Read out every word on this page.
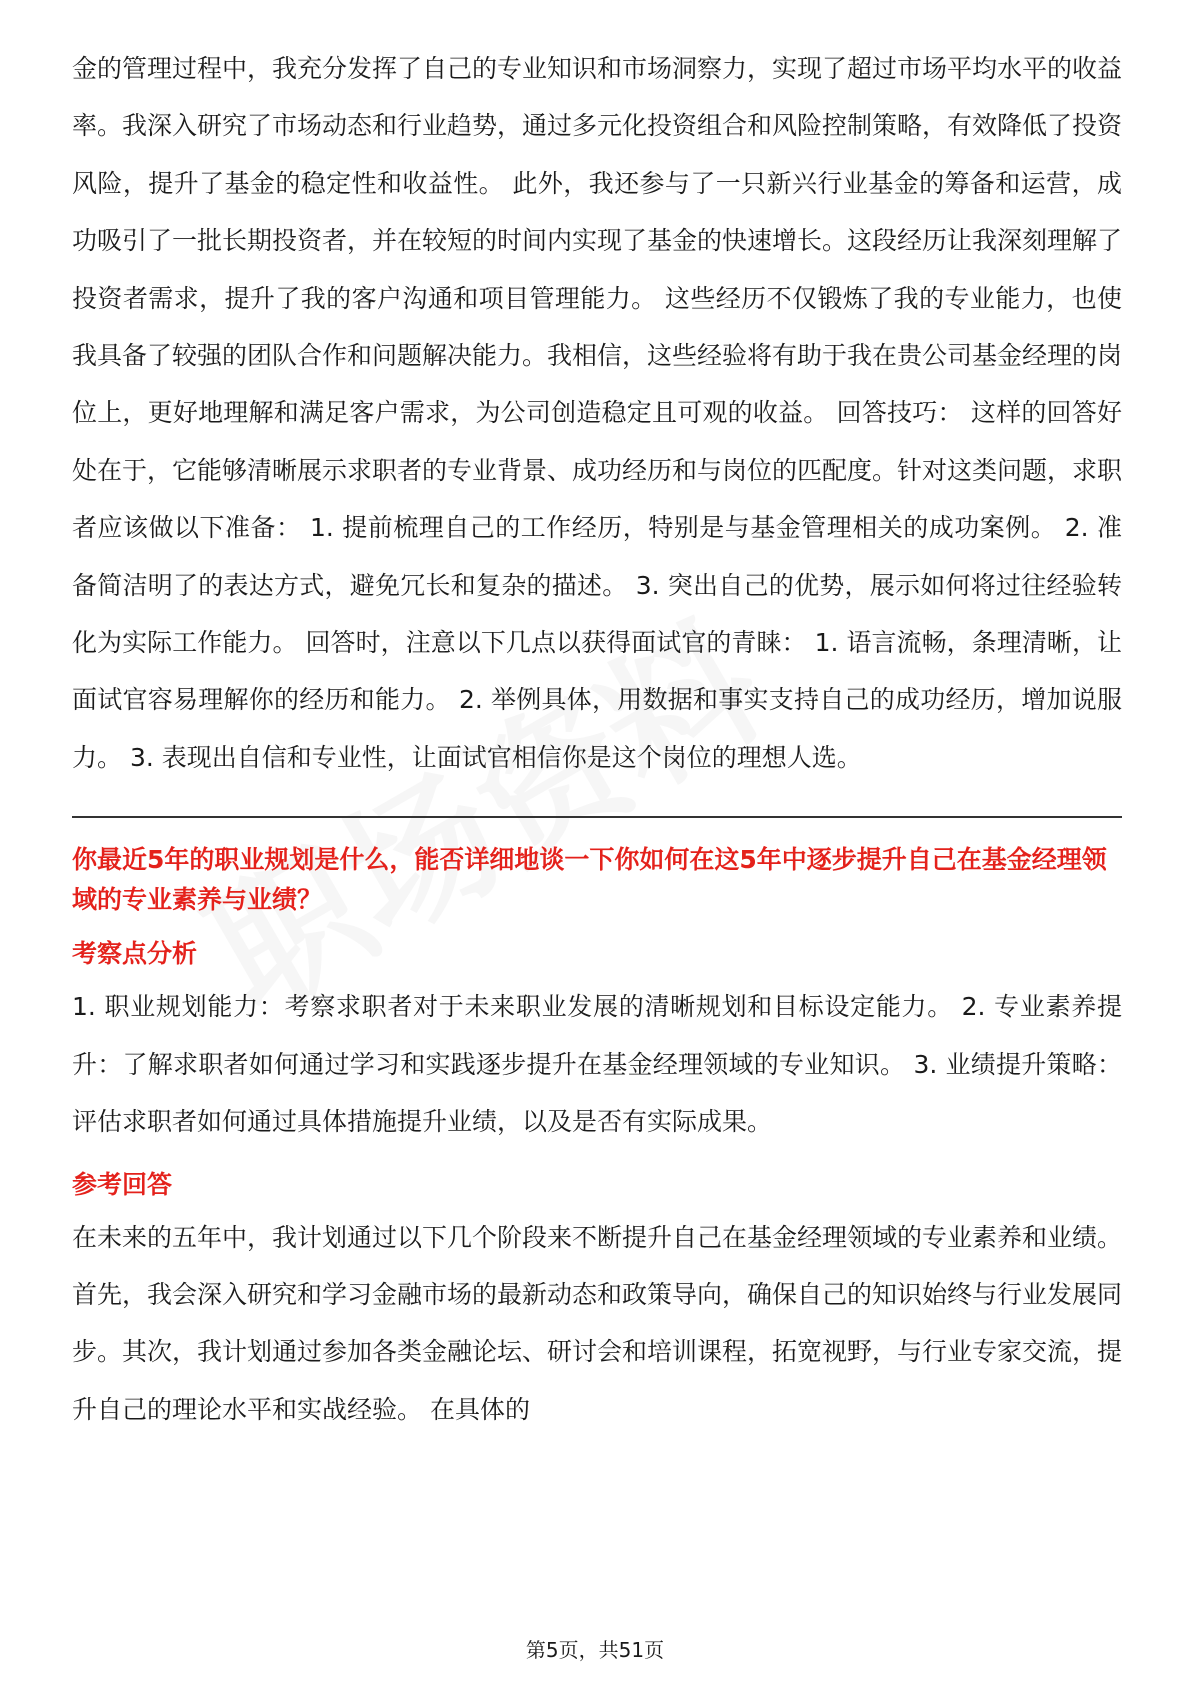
金的管理过程中，我充分发挥了自己的专业知识和市场洞察力，实现了超过市场平均水平的收益率。我深入研究了市场动态和行业趋势，通过多元化投资组合和风险控制策略，有效降低了投资风险，提升了基金的稳定性和收益性。 此外，我还参与了一只新兴行业基金的筹备和运营，成功吸引了一批长期投资者，并在较短的时间内实现了基金的快速增长。这段经历让我深刻理解了投资者需求，提升了我的客户沟通和项目管理能力。 这些经历不仅锻炼了我的专业能力，也使我具备了较强的团队合作和问题解决能力。我相信，这些经验将有助于我在贵公司基金经理的岗位上，更好地理解和满足客户需求，为公司创造稳定且可观的收益。 回答技巧： 这样的回答好处在于，它能够清晰展示求职者的专业背景、成功经历和与岗位的匹配度。针对这类问题，求职者应该做以下准备： 1. 提前梳理自己的工作经历，特别是与基金管理相关的成功案例。 2. 准备简洁明了的表达方式，避免冗长和复杂的描述。 3. 突出自己的优势，展示如何将过往经验转化为实际工作能力。 回答时，注意以下几点以获得面试官的青睐： 1. 语言流畅，条理清晰，让面试官容易理解你的经历和能力。 2. 举例具体，用数据和事实支持自己的成功经历，增加说服力。 3. 表现出自信和专业性，让面试官相信你是这个岗位的理想人选。

你最近5年的职业规划是什么，能否详细地谈一下你如何在这5年中逐步提升自己在基金经理领域的专业素养与业绩？

考察点分析

1. 职业规划能力：考察求职者对于未来职业发展的清晰规划和目标设定能力。 2. 专业素养提升：了解求职者如何通过学习和实践逐步提升在基金经理领域的专业知识。 3. 业绩提升策略：评估求职者如何通过具体措施提升业绩，以及是否有实际成果。

参考回答

在未来的五年中，我计划通过以下几个阶段来不断提升自己在基金经理领域的专业素养和业绩。首先，我会深入研究和学习金融市场的最新动态和政策导向，确保自己的知识始终与行业发展同步。其次，我计划通过参加各类金融论坛、研讨会和培训课程，拓宽视野，与行业专家交流，提升自己的理论水平和实战经验。 在具体的

第5页，共51页
